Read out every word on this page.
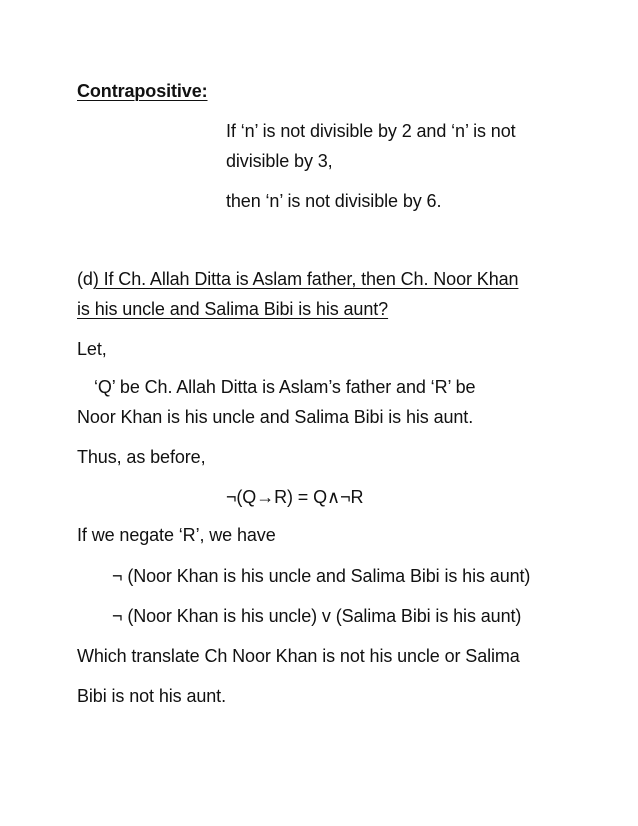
Contrapositive:
If ‘n’ is not divisible by 2 and ‘n’ is not
divisible by 3,
then ‘n’ is not divisible by 6.
(d) If Ch. Allah Ditta is Aslam father, then Ch. Noor Khan
is his uncle and Salima Bibi is his aunt?
Let,
‘Q’ be Ch. Allah Ditta is Aslam’s father and ‘R’ be
Noor Khan is his uncle and Salima Bibi is his aunt.
Thus, as before,
¬(Q→R) = Q∧¬R
If we negate ‘R’, we have
¬ (Noor Khan is his uncle and Salima Bibi is his aunt)
¬ (Noor Khan is his uncle) v (Salima Bibi is his aunt)
Which translate Ch Noor Khan is not his uncle or Salima
Bibi is not his aunt.
